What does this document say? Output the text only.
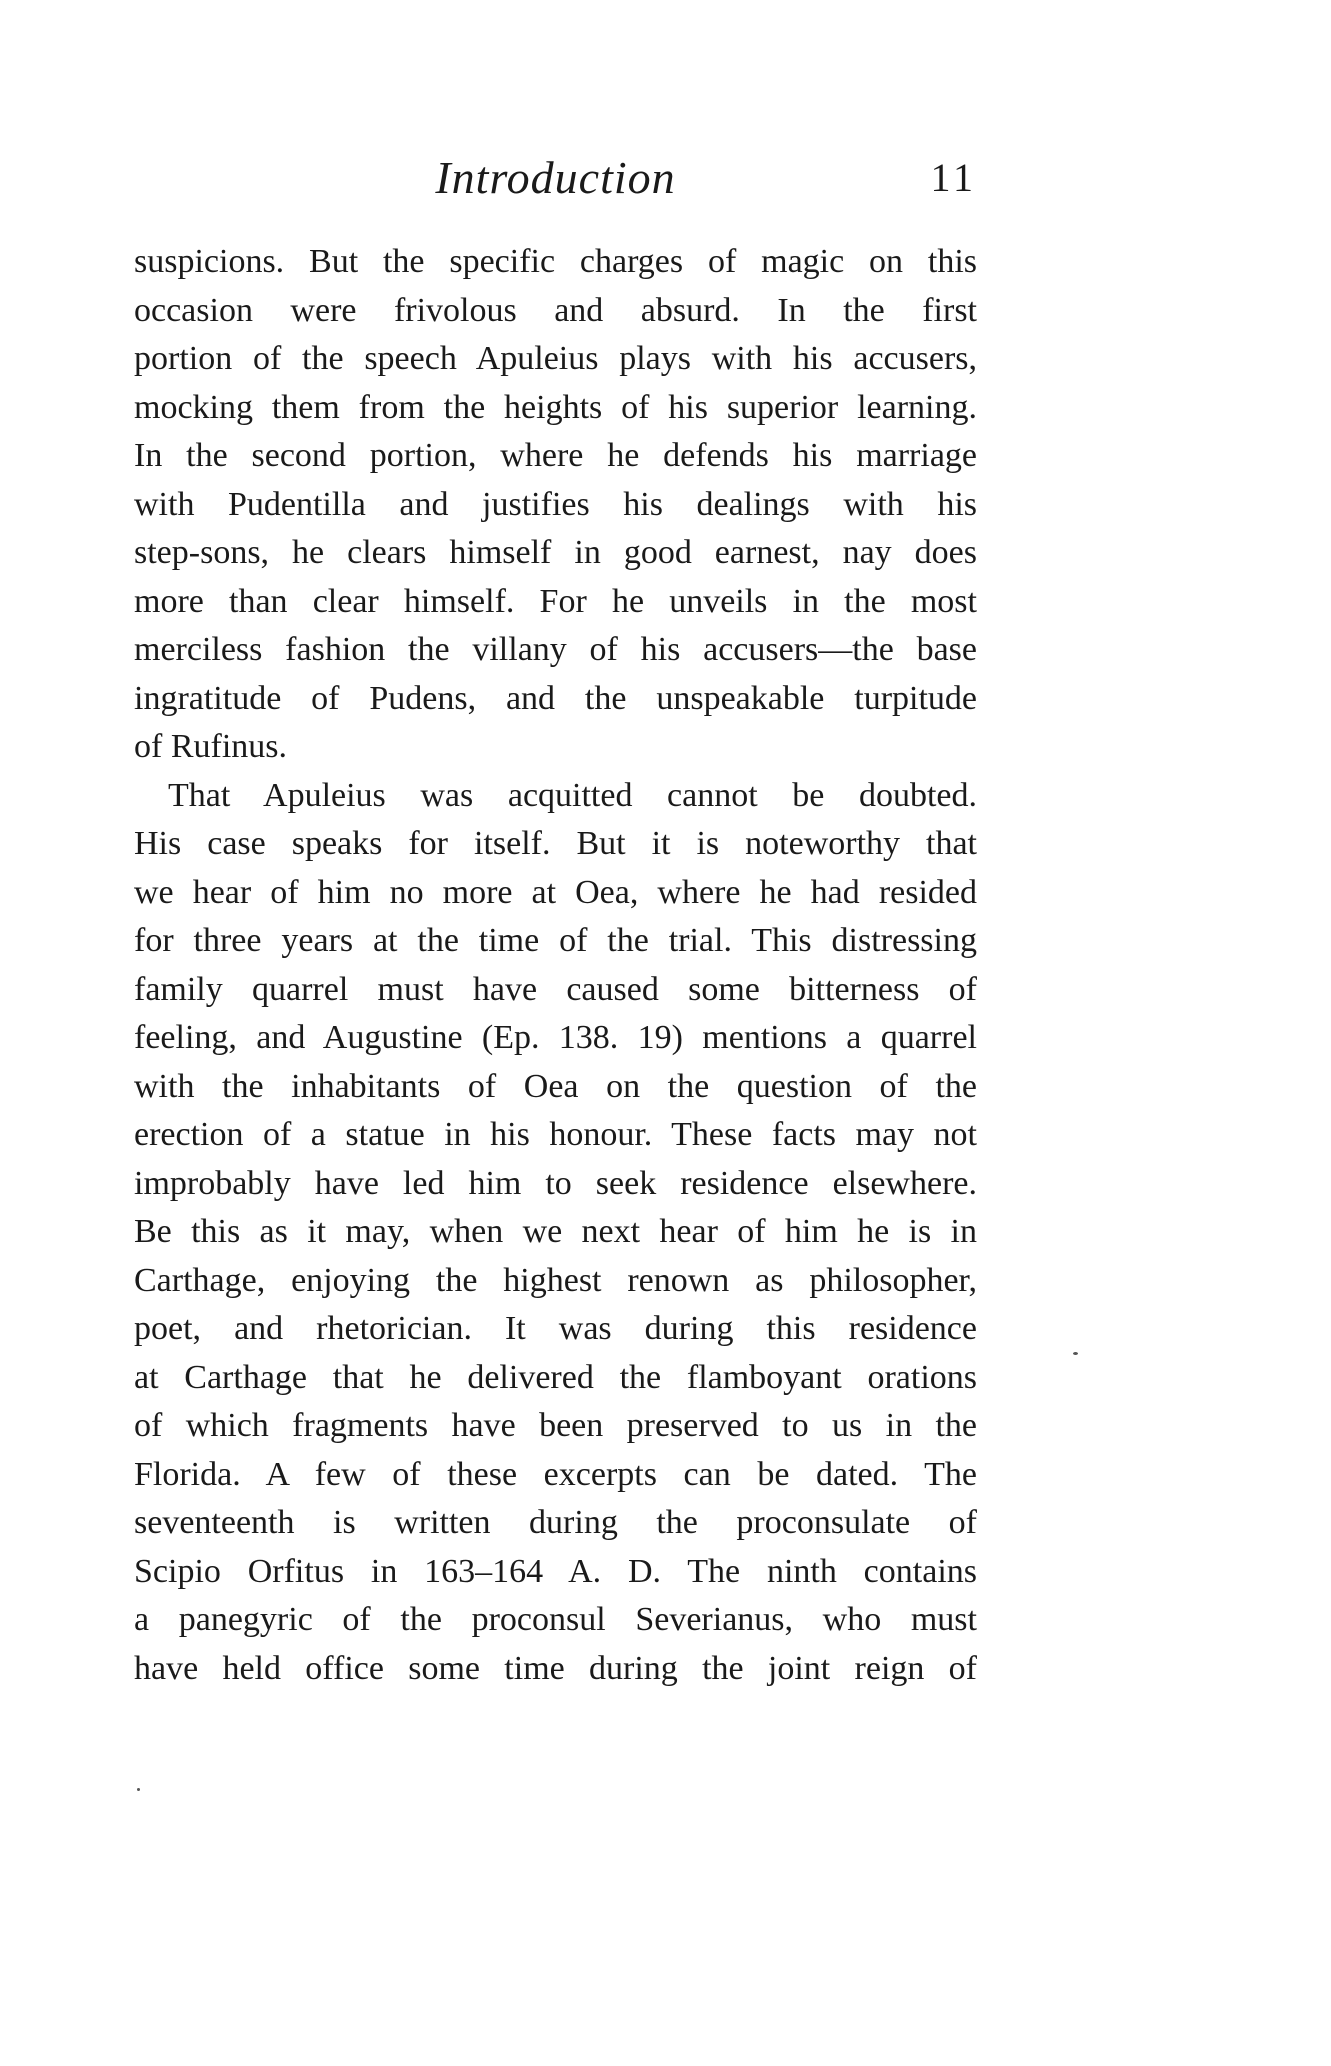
Introduction	11
suspicions. But the specific charges of magic on this
occasion were frivolous and absurd. In the first
portion of the speech Apuleius plays with his accusers,
mocking them from the heights of his superior learning.
In the second portion, where he defends his marriage
with Pudentilla and justifies his dealings with his
step-sons, he clears himself in good earnest, nay does
more than clear himself. For he unveils in the most
merciless fashion the villany of his accusers—the base
ingratitude of Pudens, and the unspeakable turpitude
of Rufinus.
That Apuleius was acquitted cannot be doubted.
His case speaks for itself. But it is noteworthy that
we hear of him no more at Oea, where he had resided
for three years at the time of the trial. This distressing
family quarrel must have caused some bitterness of
feeling, and Augustine (Ep. 138. 19) mentions a quarrel
with the inhabitants of Oea on the question of the
erection of a statue in his honour. These facts may not
improbably have led him to seek residence elsewhere.
Be this as it may, when we next hear of him he is in
Carthage, enjoying the highest renown as philosopher,
poet, and rhetorician. It was during this residence
at Carthage that he delivered the flamboyant orations
of which fragments have been preserved to us in the
Florida. A few of these excerpts can be dated. The
seventeenth is written during the proconsulate of
Scipio Orfitus in 163–164 A. D. The ninth contains
a panegyric of the proconsul Severianus, who must
have held office some time during the joint reign of
